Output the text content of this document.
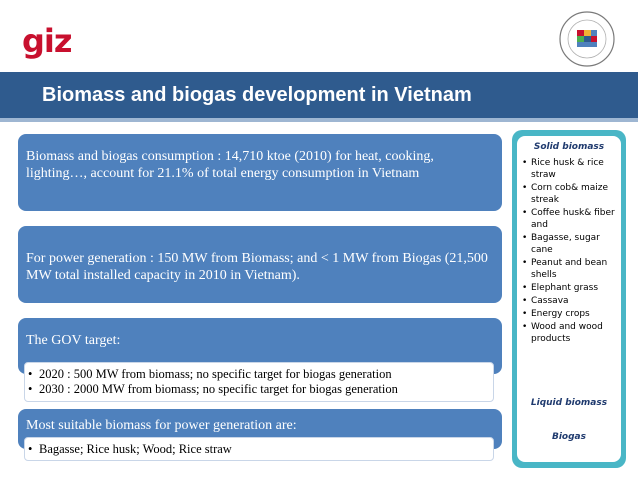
giz
Biomass and biogas development in Vietnam
Biomass and biogas consumption : 14,710 ktoe (2010) for heat, cooking, lighting…, account for 21.1% of total energy consumption in Vietnam
For power generation : 150 MW from Biomass; and < 1 MW from Biogas (21,500 MW total installed capacity in 2010 in Vietnam).
The GOV target:
• 2020 : 500 MW from biomass; no specific target for biogas generation
• 2030 : 2000 MW from biomass; no specific target for biogas generation
Most suitable biomass for power generation are:
• Bagasse; Rice husk; Wood; Rice straw
Solid biomass
• Rice husk & rice straw
• Corn cob& maize streak
• Coffee husk& fiber and
• Bagasse, sugar cane
• Peanut and bean shells
• Elephant grass
• Cassava
• Energy crops
• Wood and wood products
Liquid biomass
Biogas
